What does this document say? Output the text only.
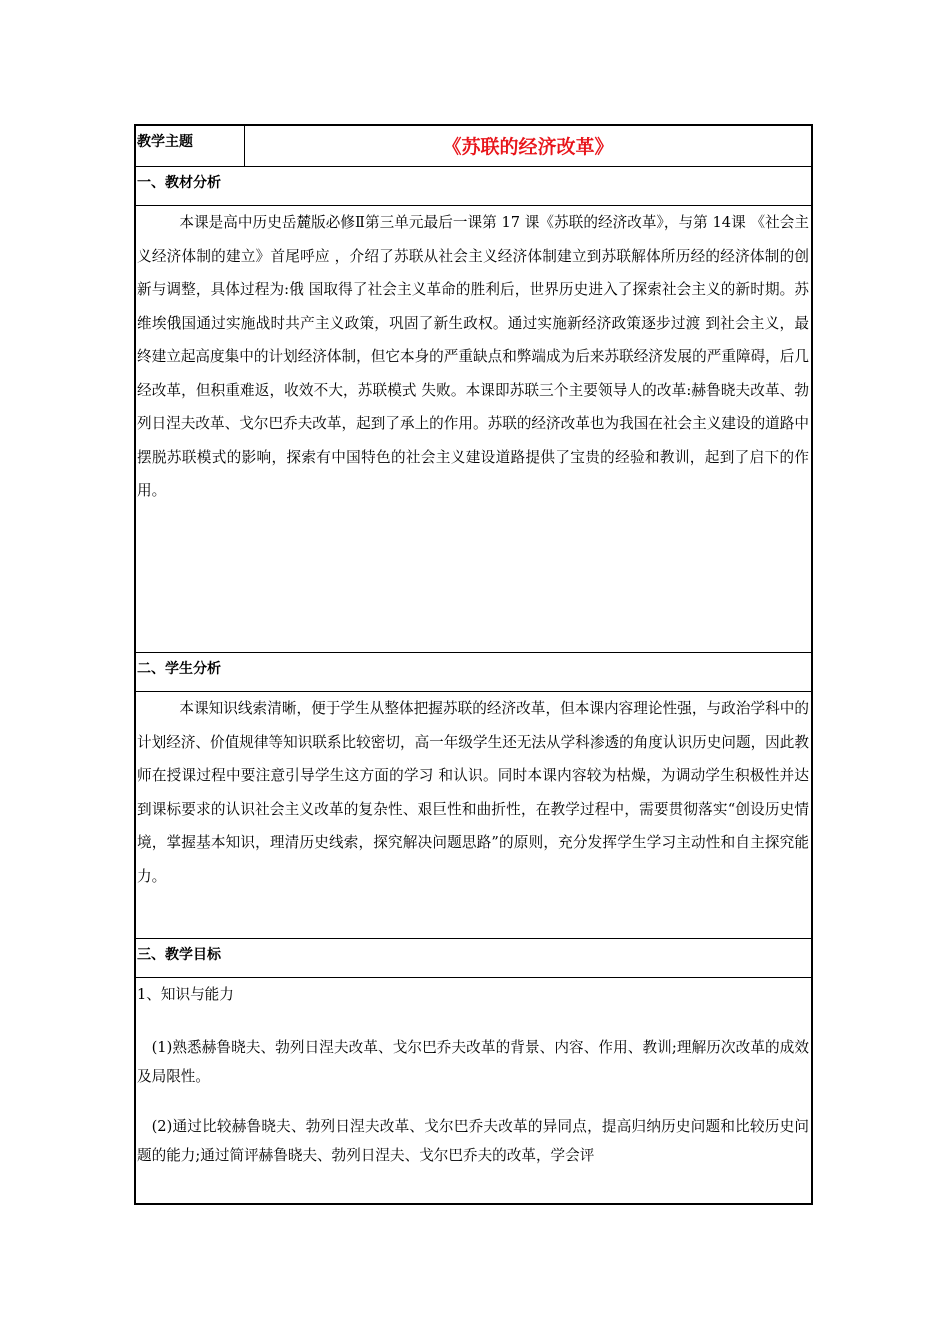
教学主题	《苏联的经济改革》
一、教材分析

本课是高中历史岳麓版必修Ⅱ第三单元最后一课第 17 课《苏联的经济改革》，与第 14课 《社会主义经济体制的建立》首尾呼应 ，介绍了苏联从社会主义经济体制建立到苏联解体所历经的经济体制的创新与调整，具体过程为:俄 国取得了社会主义革命的胜利后，世界历史进入了探索社会主义的新时期。苏维埃俄国通过实施战时共产主义政策，巩固了新生政权。通过实施新经济政策逐步过渡 到社会主义，最终建立起高度集中的计划经济体制，但它本身的严重缺点和弊端成为后来苏联经济发展的严重障碍，后几经改革，但积重难返，收效不大，苏联模式 失败。本课即苏联三个主要领导人的改革:赫鲁晓夫改革、勃列日涅夫改革、戈尔巴乔夫改革，起到了承上的作用。苏联的经济改革也为我国在社会主义建设的道路中摆脱苏联模式的影响，探索有中国特色的社会主义建设道路提供了宝贵的经验和教训，起到了启下的作用。

二、学生分析

本课知识线索清晰，便于学生从整体把握苏联的经济改革，但本课内容理论性强，与政治学科中的计划经济、价值规律等知识联系比较密切，高一年级学生还无法从学科渗透的角度认识历史问题，因此教师在授课过程中要注意引导学生这方面的学习 和认识。同时本课内容较为枯燥，为调动学生积极性并达到课标要求的认识社会主义改革的复杂性、艰巨性和曲折性，在教学过程中，需要贯彻落实“创设历史情境，掌握基本知识，理清历史线索，探究解决问题思路”的原则，充分发挥学生学习主动性和自主探究能力。

三、教学目标

1、知识与能力

(1)熟悉赫鲁晓夫、勃列日涅夫改革、戈尔巴乔夫改革的背景、内容、作用、教训;理解历次改革的成效及局限性。

(2)通过比较赫鲁晓夫、勃列日涅夫改革、戈尔巴乔夫改革的异同点，提高归纳历史问题和比较历史问题的能力;通过简评赫鲁晓夫、勃列日涅夫、戈尔巴乔夫的改革，学会评
